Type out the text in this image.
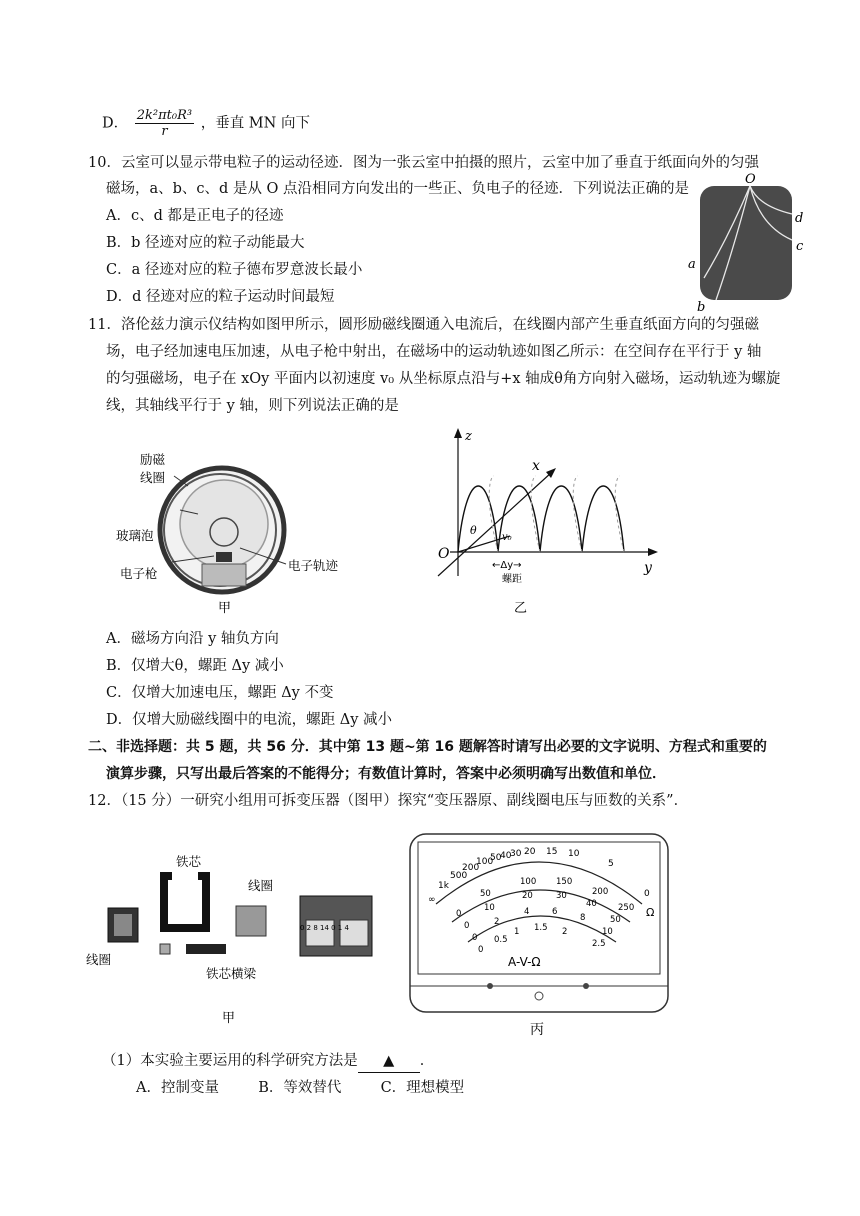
D． $\frac{\text{2k²πt₀R³}}{r}$ ，垂直 MN 向下
10．云室可以显示带电粒子的运动径迹．图为一张云室中拍摄的照片，云室中加了垂直于纸面向外的匀强
磁场，a、b、c、d 是从 O 点沿相同方向发出的一些正、负电子的径迹．下列说法正确的是
A．c、d 都是正电子的径迹
B．b 径迹对应的粒子动能最大
C．a 径迹对应的粒子德布罗意波长最小
D．d 径迹对应的粒子运动时间最短
O
a
b
c
d
11．洛伦兹力演示仪结构如图甲所示，圆形励磁线圈通入电流后，在线圈内部产生垂直纸面方向的匀强磁
场，电子经加速电压加速，从电子枪中射出，在磁场中的运动轨迹如图乙所示：在空间存在平行于 y 轴
的匀强磁场，电子在 xOy 平面内以初速度 v₀ 从坐标原点沿与+x 轴成θ角方向射入磁场，运动轨迹为螺旋
线，其轴线平行于 y 轴，则下列说法正确的是
励磁
线圈
玻璃泡
电子枪
电子轨迹
甲
z
x
y
O
θ
v₀
←Δy→
螺距
乙
A．磁场方向沿 y 轴负方向
B．仅增大θ，螺距 Δy 减小
C．仅增大加速电压，螺距 Δy 不变
D．仅增大励磁线圈中的电流，螺距 Δy 减小
二、非选择题：共 5 题，共 56 分．其中第 13 题~第 16 题解答时请写出必要的文字说明、方程式和重要的
演算步骤，只写出最后答案的不能得分；有数值计算时，答案中必须明确写出数值和单位．
12．（15 分）一研究小组用可拆变压器（图甲）探究“变压器原、副线圈电压与匝数的关系”．
0 2 8 14 0 1 4
铁芯
线圈
线圈
铁芯横梁
甲
A-V-Ω
Ω
∞
1k
500
200
100
50
40
30 20 15 10
5
0
0
50
100 150
200
250
0
10
20	30
40
50
0
2
4	6
8
10
0
0.5
1 1.5 2
2.5
丙
（1）本实验主要运用的科学研究方法是 ▲ ．
A．控制变量	B．等效替代	C．理想模型
